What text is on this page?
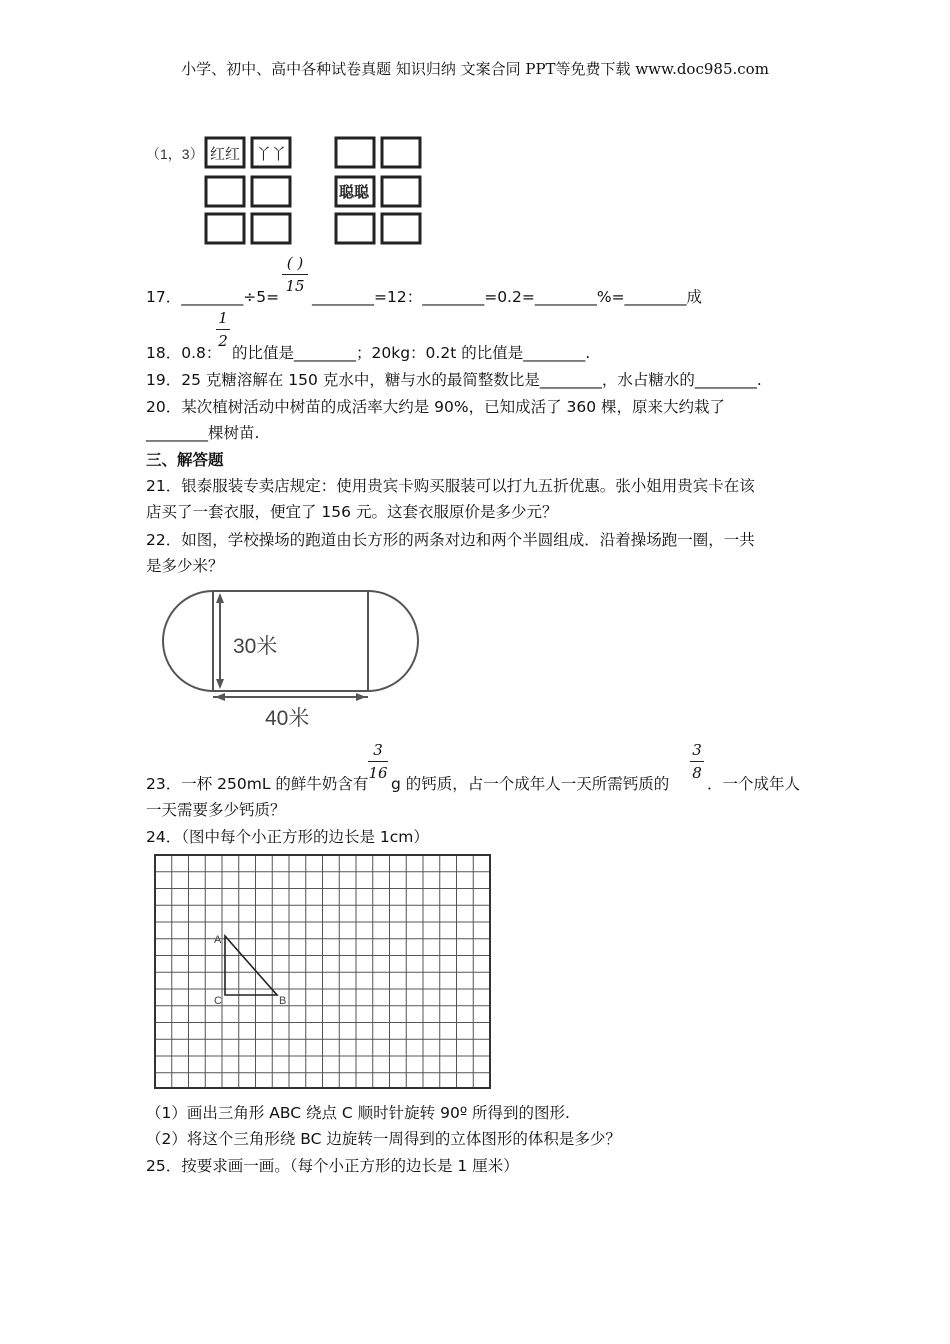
小学、初中、高中各种试卷真题 知识归纳 文案合同 PPT等免费下载 www.doc985.com
（1，3） 红红 丫丫
聪聪
17．________÷5=
( )
15
________=12：________=0.2=________%=________成
18．0.8：
1
2
的比值是________；20kg：0.2t 的比值是________.
19．25 克糖溶解在 150 克水中，糖与水的最简整数比是________，水占糖水的________.
20．某次植树活动中树苗的成活率大约是 90%，已知成活了 360 棵，原来大约栽了
________棵树苗.
三、解答题
21．银泰服装专卖店规定：使用贵宾卡购买服装可以打九五折优惠。张小姐用贵宾卡在该
店买了一套衣服，便宜了 156 元。这套衣服原价是多少元？
22．如图，学校操场的跑道由长方形的两条对边和两个半圆组成．沿着操场跑一圈，一共
是多少米？
30米
40米
23．一杯 250mL 的鲜牛奶含有
3
16
g 的钙质，占一个成年人一天所需钙质的
3
8
．一个成年人
一天需要多少钙质？
24．（图中每个小正方形的边长是 1cm）
A
C	B
（1）画出三角形 ABC 绕点 C 顺时针旋转 90º 所得到的图形.
（2）将这个三角形绕 BC 边旋转一周得到的立体图形的体积是多少？
25．按要求画一画。（每个小正方形的边长是 1 厘米）
